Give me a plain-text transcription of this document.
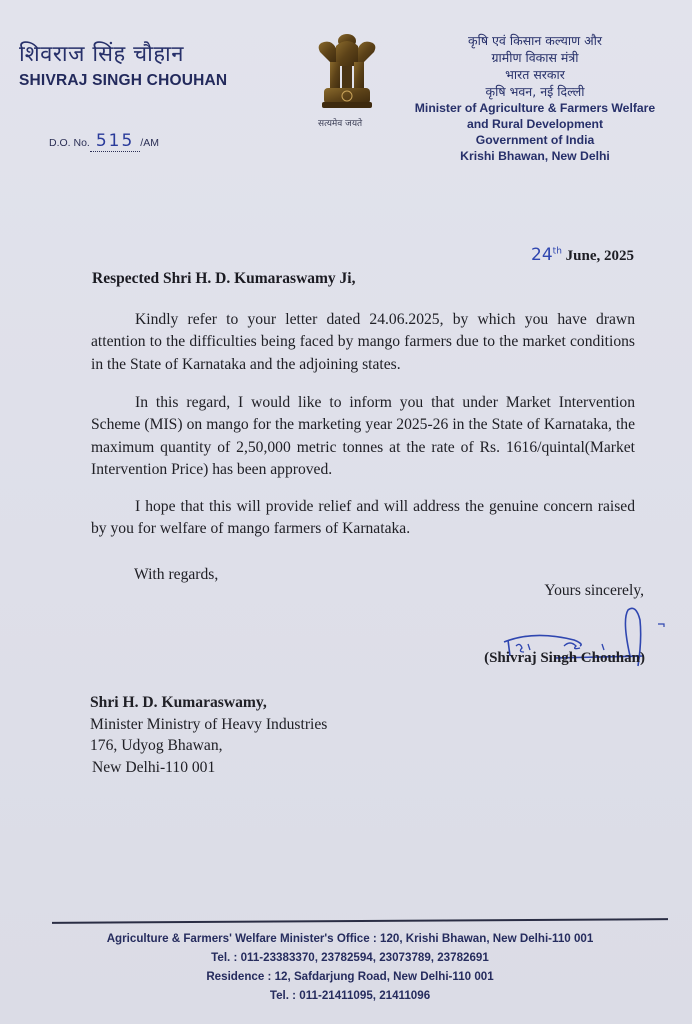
शिवराज सिंह चौहान
SHIVRAJ SINGH CHOUHAN
D.O. No. 515 /AM
सत्यमेव जयते
कृषि एवं किसान कल्याण और
ग्रामीण विकास मंत्री
भारत सरकार
कृषि भवन, नई दिल्ली
Minister of Agriculture & Farmers Welfare
and Rural Development
Government of India
Krishi Bhawan, New Delhi
24th June, 2025
Respected Shri H. D. Kumaraswamy Ji,
Kindly refer to your letter dated 24.06.2025, by which you have drawn attention to the difficulties being faced by mango farmers due to the market conditions in the State of Karnataka and the adjoining states.
In this regard, I would like to inform you that under Market Intervention Scheme (MIS) on mango for the marketing year 2025-26 in the State of Karnataka, the maximum quantity of 2,50,000 metric tonnes at the rate of Rs. 1616/quintal(Market Intervention Price) has been approved.
I hope that this will provide relief and will address the genuine concern raised by you for welfare of mango farmers of Karnataka.
With regards,
Yours sincerely,
(Shivraj Singh Chouhan)
Shri H. D. Kumaraswamy,
Minister Ministry of Heavy Industries
176, Udyog Bhawan,
New Delhi-110 001
Agriculture & Farmers' Welfare Minister's Office : 120, Krishi Bhawan, New Delhi-110 001
Tel. : 011-23383370, 23782594, 23073789, 23782691
Residence : 12, Safdarjung Road, New Delhi-110 001
Tel. : 011-21411095, 21411096
